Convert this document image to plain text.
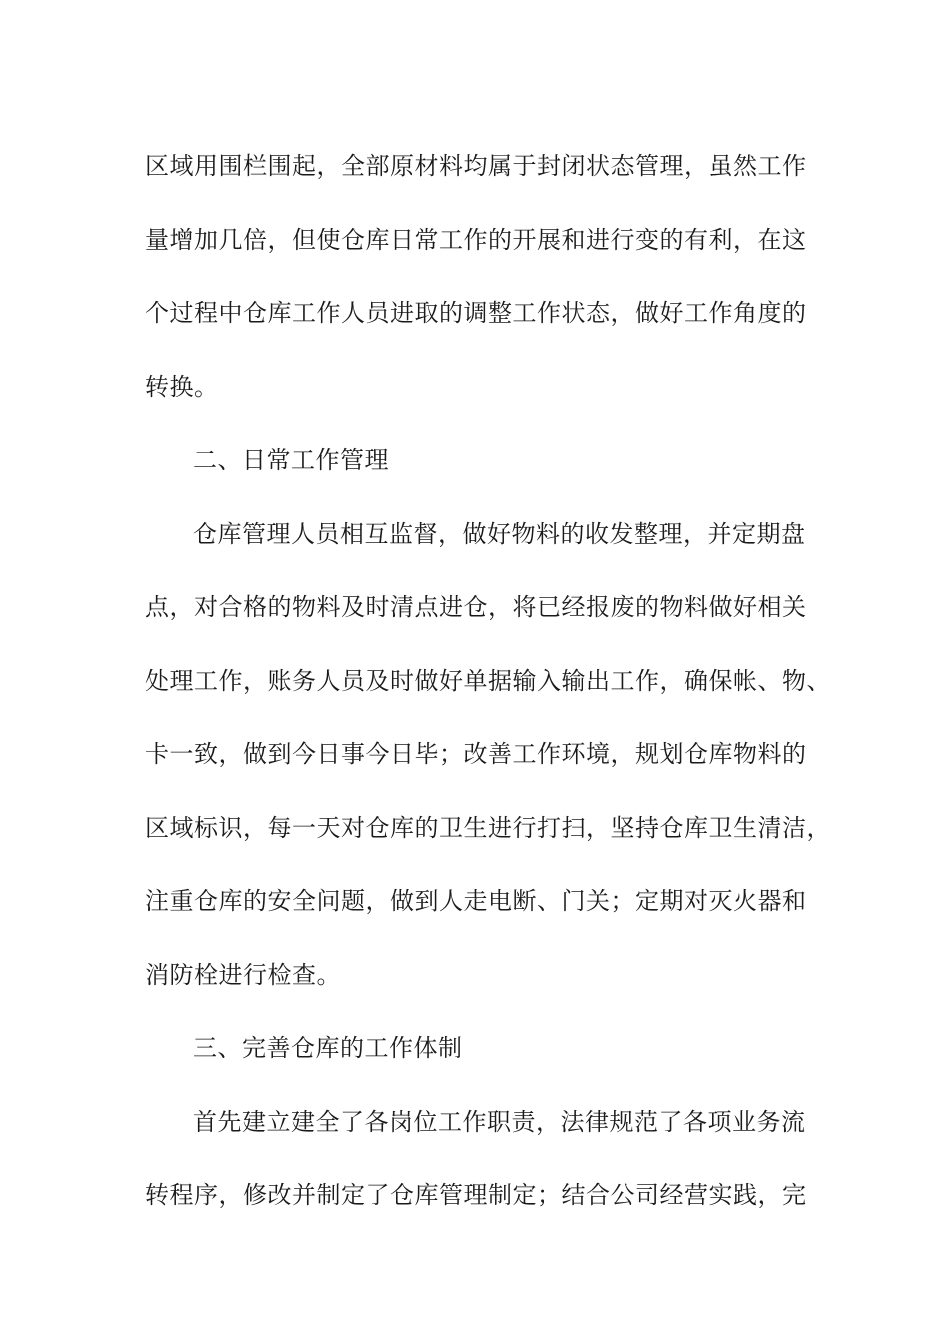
区域用围栏围起，全部原材料均属于封闭状态管理，虽然工作
量增加几倍，但使仓库日常工作的开展和进行变的有利，在这
个过程中仓库工作人员进取的调整工作状态，做好工作角度的
转换。
二、日常工作管理
仓库管理人员相互监督，做好物料的收发整理，并定期盘
点，对合格的物料及时清点进仓，将已经报废的物料做好相关
处理工作，账务人员及时做好单据输入输出工作，确保帐、物、
卡一致，做到今日事今日毕；改善工作环境，规划仓库物料的
区域标识，每一天对仓库的卫生进行打扫，坚持仓库卫生清洁，
注重仓库的安全问题，做到人走电断、门关；定期对灭火器和
消防栓进行检查。
三、完善仓库的工作体制
首先建立建全了各岗位工作职责，法律规范了各项业务流
转程序，修改并制定了仓库管理制定；结合公司经营实践，完
